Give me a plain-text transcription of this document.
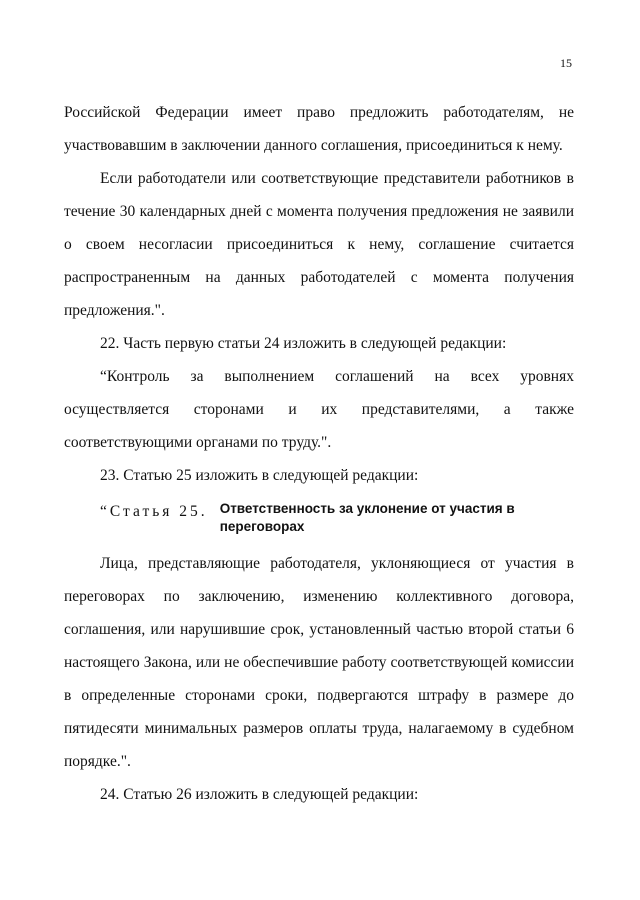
15
Российской Федерации имеет право предложить работодателям, не
участвовавшим в заключении данного соглашения, присоединиться к нему.
Если работодатели или соответствующие представители работников в
течение 30 календарных дней с момента получения предложения не заявили
о своем несогласии присоединиться к нему, соглашение считается
распространенным на данных работодателей с момента получения
предложения.".
22. Часть первую статьи 24 изложить в следующей редакции:
“Контроль за выполнением соглашений на всех уровнях
осуществляется сторонами и их представителями, а также
соответствующими органами по труду.".
23. Статью 25 изложить в следующей редакции:
“Статья 25. Ответственность за уклонение от участия в переговорах
Лица, представляющие работодателя, уклоняющиеся от участия в
переговорах по заключению, изменению коллективного договора,
соглашения, или нарушившие срок, установленный частью второй статьи 6
настоящего Закона, или не обеспечившие работу соответствующей комиссии
в определенные сторонами сроки, подвергаются штрафу в размере до
пятидесяти минимальных размеров оплаты труда, налагаемому в судебном
порядке.".
24. Статью 26 изложить в следующей редакции:
